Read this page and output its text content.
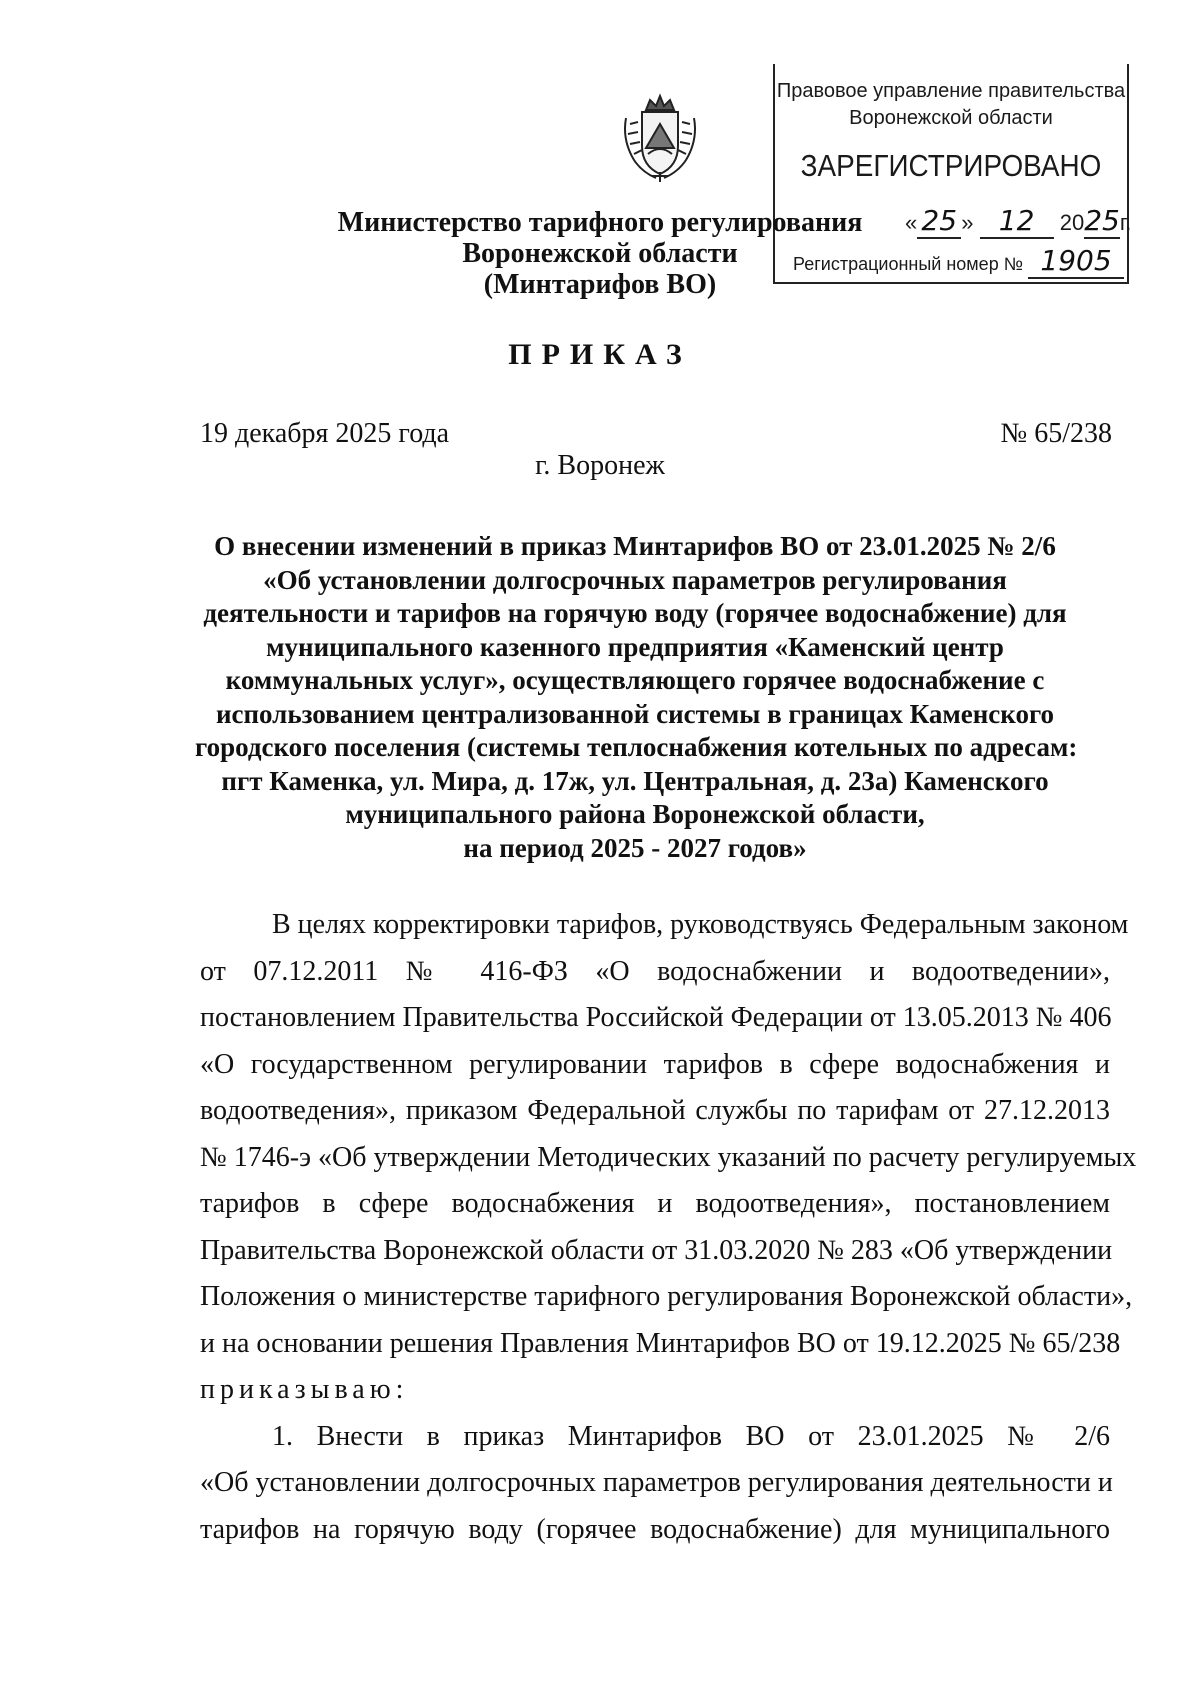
Правовое управление правительства
Воронежской области
ЗАРЕГИСТРИРОВАНО
« 25 » 12 2025г.
Регистрационный номер № 1905
Министерство тарифного регулирования
Воронежской области
(Минтарифов ВО)
ПРИКАЗ
19 декабря 2025 года	№ 65/238
г. Воронеж
О внесении изменений в приказ Минтарифов ВО от 23.01.2025 № 2/6
«Об установлении долгосрочных параметров регулирования
деятельности и тарифов на горячую воду (горячее водоснабжение) для
муниципального казенного предприятия «Каменский центр
коммунальных услуг», осуществляющего горячее водоснабжение с
использованием централизованной системы в границах Каменского
городского поселения (системы теплоснабжения котельных по адресам:
пгт Каменка, ул. Мира, д. 17ж, ул. Центральная, д. 23а) Каменского
муниципального района Воронежской области,
на период 2025 - 2027 годов»
В целях корректировки тарифов, руководствуясь Федеральным законом
от 07.12.2011 № 416-ФЗ «О водоснабжении и водоотведении»,
постановлением Правительства Российской Федерации от 13.05.2013 № 406
«О государственном регулировании тарифов в сфере водоснабжения и
водоотведения», приказом Федеральной службы по тарифам от 27.12.2013
№ 1746-э «Об утверждении Методических указаний по расчету регулируемых
тарифов в сфере водоснабжения и водоотведения», постановлением
Правительства Воронежской области от 31.03.2020 № 283 «Об утверждении
Положения о министерстве тарифного регулирования Воронежской области»,
и на основании решения Правления Минтарифов ВО от 19.12.2025 № 65/238
приказываю:
1. Внести в приказ Минтарифов ВО от 23.01.2025 № 2/6
«Об установлении долгосрочных параметров регулирования деятельности и
тарифов на горячую воду (горячее водоснабжение) для муниципального
